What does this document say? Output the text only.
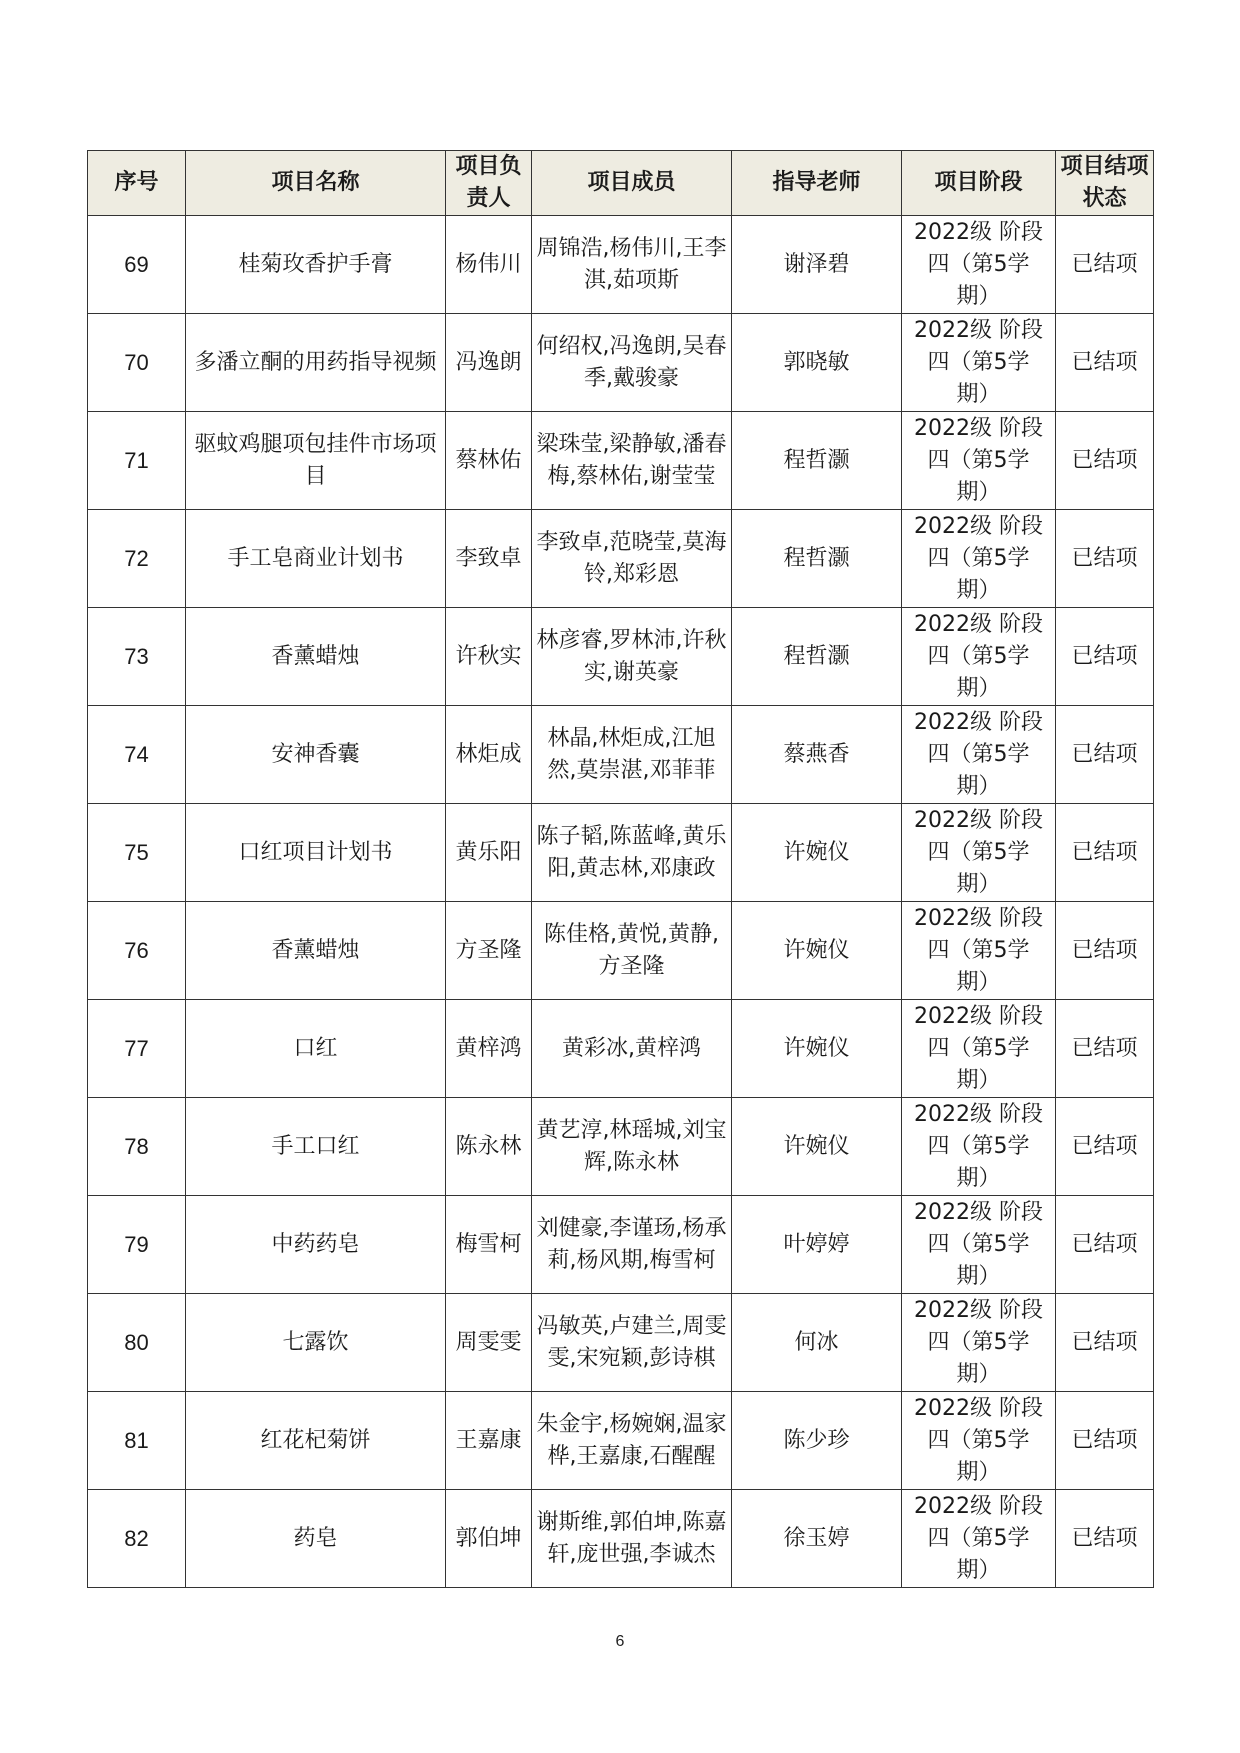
序号	项目名称	项目负责人	项目成员	指导老师	项目阶段	项目结项状态
69	桂菊玫香护手膏	杨伟川	周锦浩,杨伟川,王李淇,茹项斯	谢泽碧	2022级 阶段
四（第5学
期）	已结项
70	多潘立酮的用药指导视频	冯逸朗	何绍权,冯逸朗,吴春季,戴骏豪	郭晓敏	2022级 阶段
四（第5学
期）	已结项
71	驱蚊鸡腿项包挂件市场项目	蔡林佑	梁珠莹,梁静敏,潘春梅,蔡林佑,谢莹莹	程哲灏	2022级 阶段
四（第5学
期）	已结项
72	手工皂商业计划书	李致卓	李致卓,范晓莹,莫海铃,郑彩恩	程哲灏	2022级 阶段
四（第5学
期）	已结项
73	香薰蜡烛	许秋实	林彦睿,罗林沛,许秋实,谢英豪	程哲灏	2022级 阶段
四（第5学
期）	已结项
74	安神香囊	林炬成	林晶,林炬成,江旭然,莫崇湛,邓菲菲	蔡燕香	2022级 阶段
四（第5学
期）	已结项
75	口红项目计划书	黄乐阳	陈子韬,陈蓝峰,黄乐阳,黄志林,邓康政	许婉仪	2022级 阶段
四（第5学
期）	已结项
76	香薰蜡烛	方圣隆	陈佳格,黄悦,黄静,方圣隆	许婉仪	2022级 阶段
四（第5学
期）	已结项
77	口红	黄梓鸿	黄彩冰,黄梓鸿	许婉仪	2022级 阶段
四（第5学
期）	已结项
78	手工口红	陈永林	黄艺淳,林瑶城,刘宝辉,陈永林	许婉仪	2022级 阶段
四（第5学
期）	已结项
79	中药药皂	梅雪柯	刘健豪,李谨玚,杨承莉,杨风期,梅雪柯	叶婷婷	2022级 阶段
四（第5学
期）	已结项
80	七露饮	周雯雯	冯敏英,卢建兰,周雯雯,宋宛颖,彭诗棋	何冰	2022级 阶段
四（第5学
期）	已结项
81	红花杞菊饼	王嘉康	朱金宇,杨婉娴,温家桦,王嘉康,石醒醒	陈少珍	2022级 阶段
四（第5学
期）	已结项
82	药皂	郭伯坤	谢斯维,郭伯坤,陈嘉轩,庞世强,李诚杰	徐玉婷	2022级 阶段
四（第5学
期）	已结项
6
